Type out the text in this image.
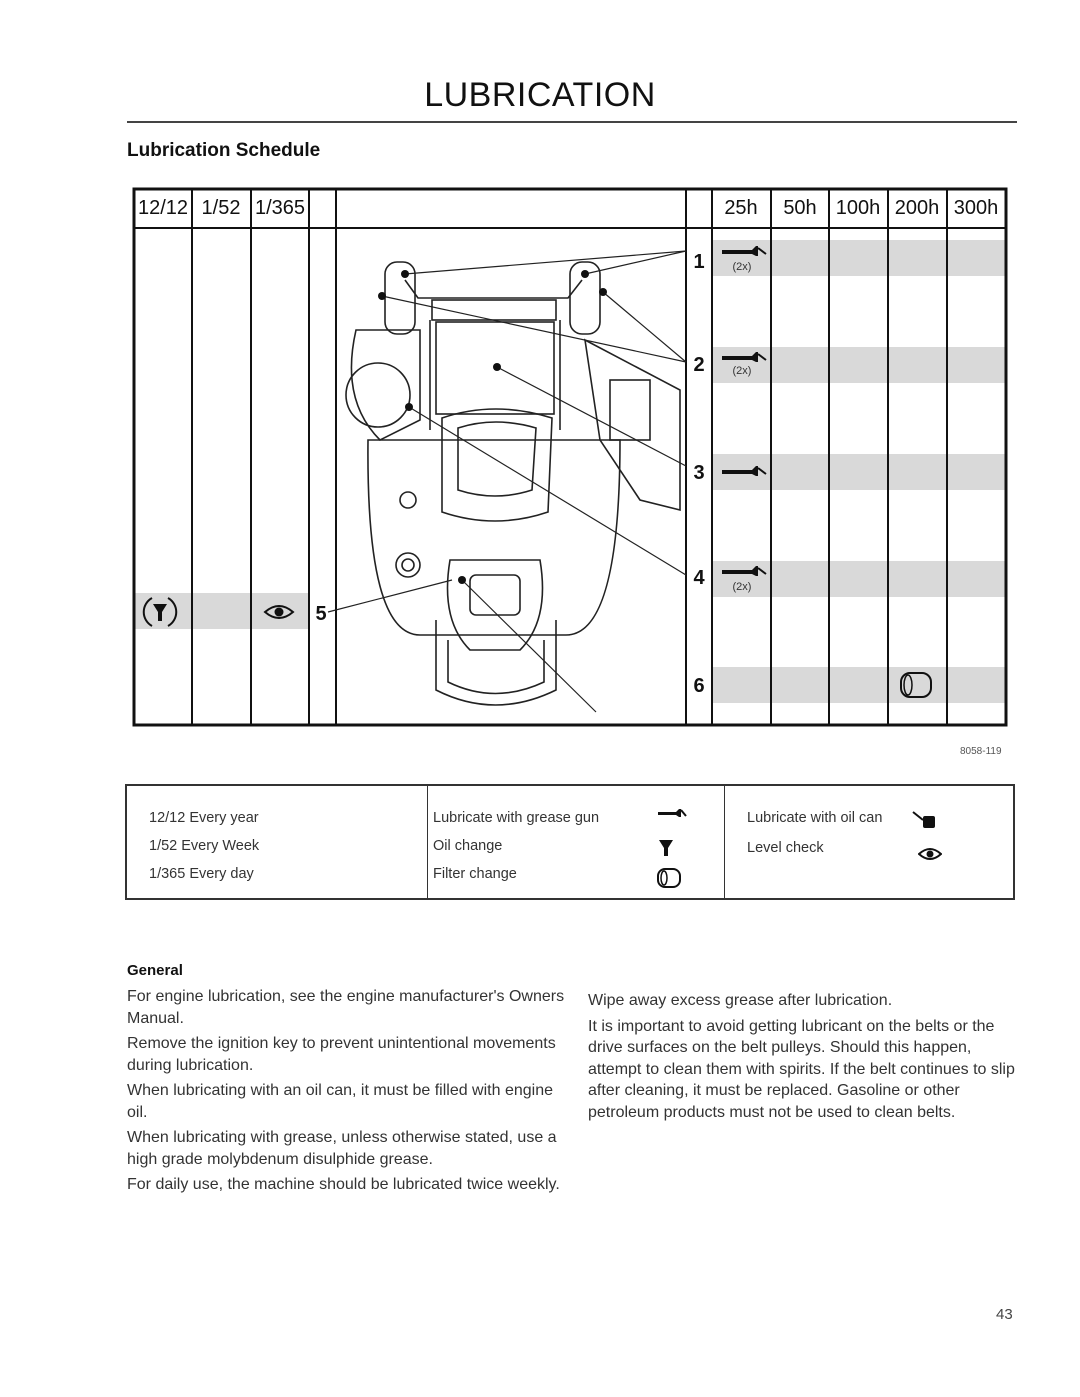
LUBRICATION
Lubrication Schedule
12/12 1/52 1/365	25h 50h 100h 200h 300h
1
2
3
4
5
6
(2x)
(2x)
(2x)
8058-119
12/12 Every year
1/52 Every Week
1/365 Every day
Lubricate with grease gun
Oil change
Filter change
Lubricate with oil can
Level check
General

For engine lubrication, see the engine manufacturer's Owners Manual.

Remove the ignition key to prevent unintentional movements during lubrication.

When lubricating with an oil can, it must be filled with engine oil.

When lubricating with grease, unless otherwise stated, use a high grade molybdenum disulphide grease.

For daily use, the machine should be lubricated twice weekly.

Wipe away excess grease after lubrication.

It is important to avoid getting lubricant on the belts or the drive surfaces on the belt pulleys. Should this happen, attempt to clean them with spirits. If the belt continues to slip after cleaning, it must be replaced. Gasoline or other petroleum products must not be used to clean belts.

43
